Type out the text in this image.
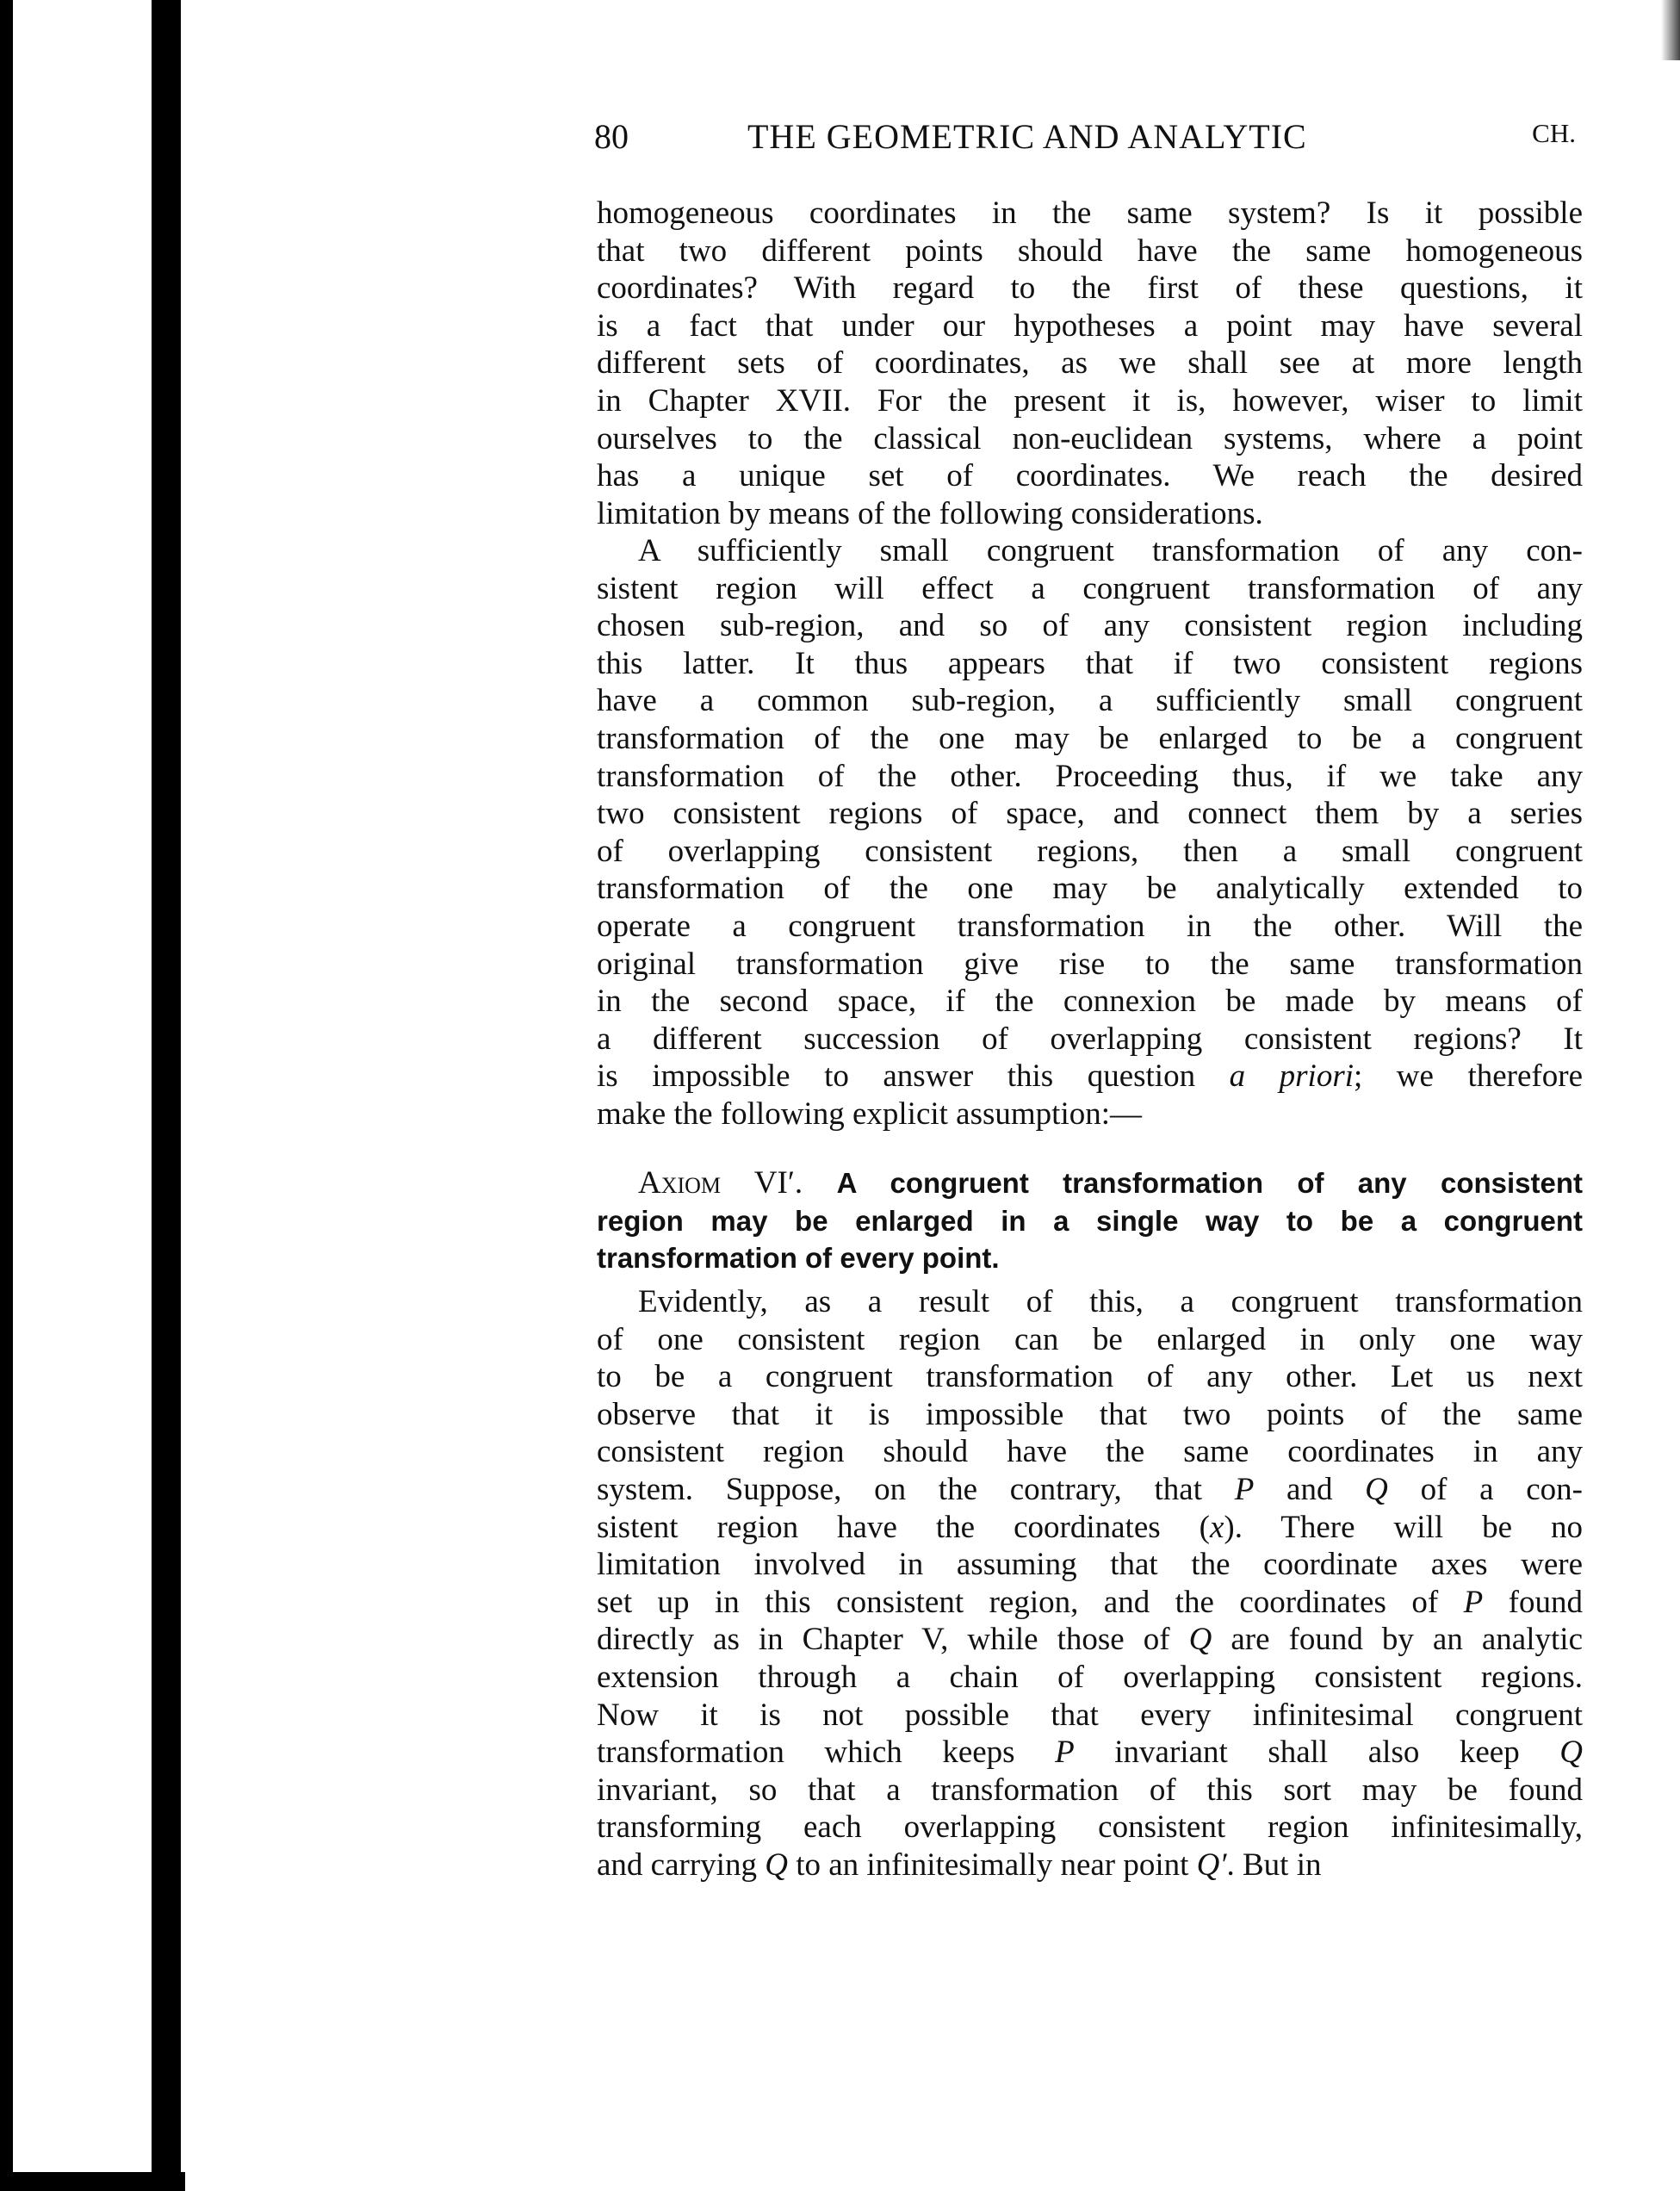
80	THE GEOMETRIC AND ANALYTIC	CH.
homogeneous coordinates in the same system? Is it possible
that two different points should have the same homogeneous
coordinates? With regard to the first of these questions, it
is a fact that under our hypotheses a point may have several
different sets of coordinates, as we shall see at more length
in Chapter XVII. For the present it is, however, wiser to limit
ourselves to the classical non-euclidean systems, where a point
has a unique set of coordinates. We reach the desired
limitation by means of the following considerations.
A sufficiently small congruent transformation of any con-
sistent region will effect a congruent transformation of any
chosen sub-region, and so of any consistent region including
this latter. It thus appears that if two consistent regions
have a common sub-region, a sufficiently small congruent
transformation of the one may be enlarged to be a congruent
transformation of the other. Proceeding thus, if we take any
two consistent regions of space, and connect them by a series
of overlapping consistent regions, then a small congruent
transformation of the one may be analytically extended to
operate a congruent transformation in the other. Will the
original transformation give rise to the same transformation
in the second space, if the connexion be made by means of
a different succession of overlapping consistent regions? It
is impossible to answer this question a priori; we therefore
make the following explicit assumption:—
Axiom VI′. A congruent transformation of any consistent
region may be enlarged in a single way to be a congruent
transformation of every point.
Evidently, as a result of this, a congruent transformation
of one consistent region can be enlarged in only one way
to be a congruent transformation of any other. Let us next
observe that it is impossible that two points of the same
consistent region should have the same coordinates in any
system. Suppose, on the contrary, that P and Q of a con-
sistent region have the coordinates (x). There will be no
limitation involved in assuming that the coordinate axes were
set up in this consistent region, and the coordinates of P found
directly as in Chapter V, while those of Q are found by an analytic
extension through a chain of overlapping consistent regions.
Now it is not possible that every infinitesimal congruent
transformation which keeps P invariant shall also keep Q
invariant, so that a transformation of this sort may be found
transforming each overlapping consistent region infinitesimally,
and carrying Q to an infinitesimally near point Q′. But in
